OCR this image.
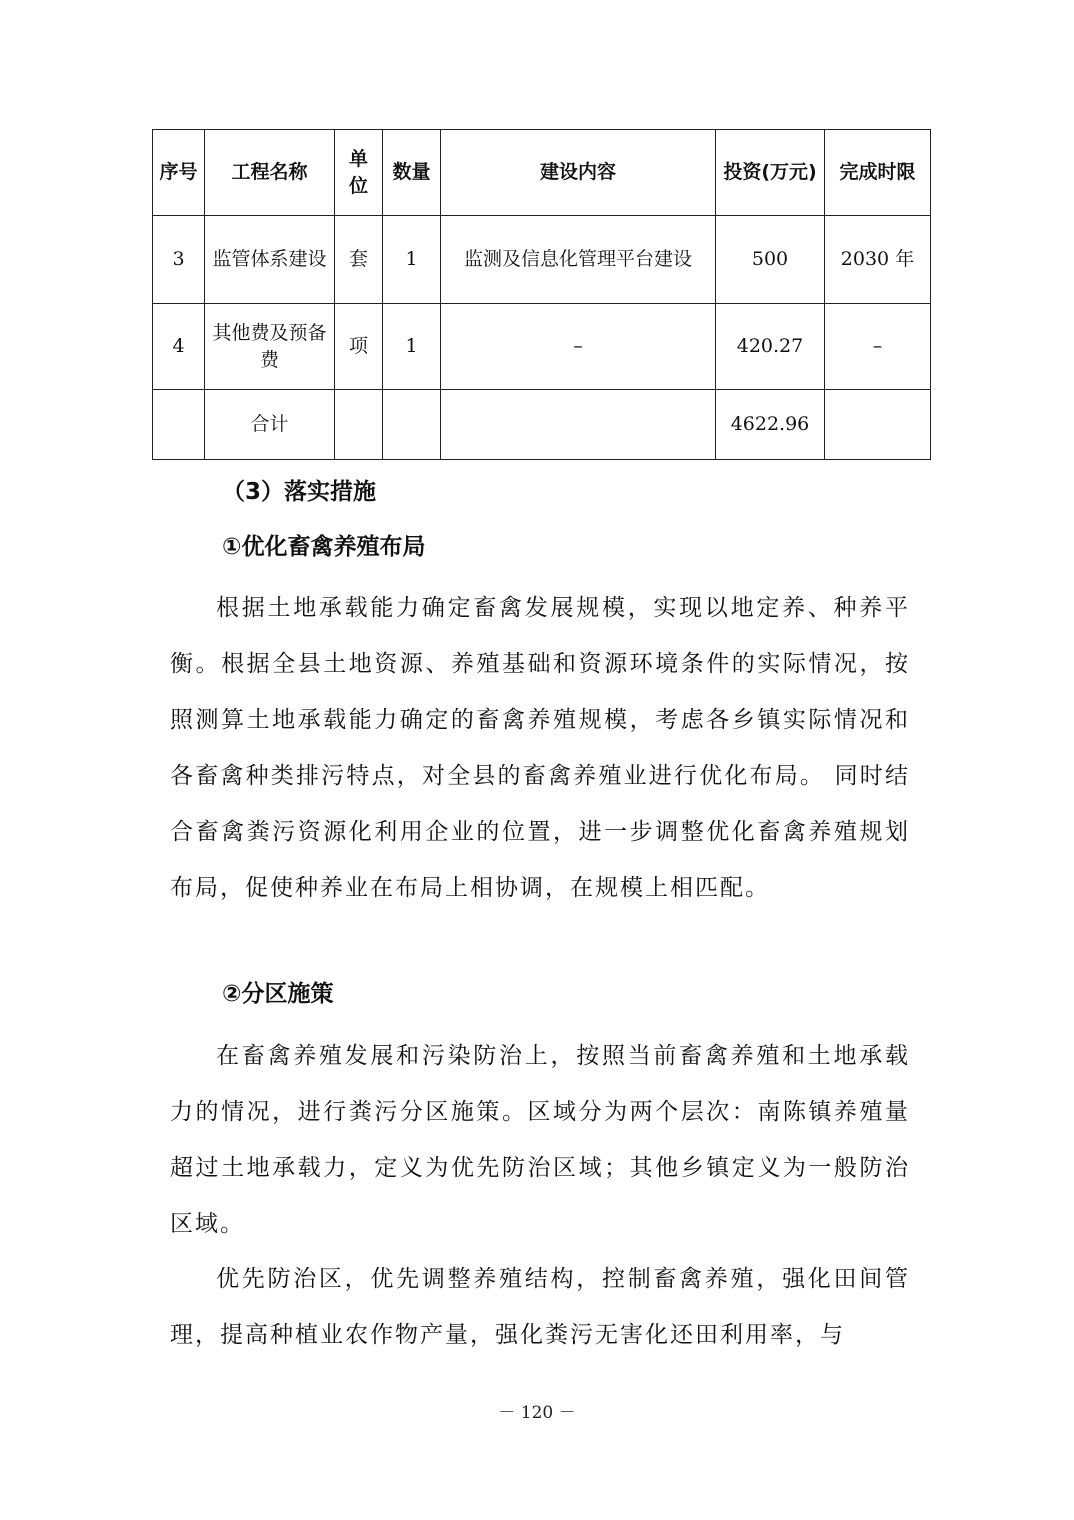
序号	工程名称	单位	数量	建设内容	投资(万元)	完成时限
3	监管体系建设	套	1	监测及信息化管理平台建设	500	2030 年
4	其他费及预备费	项	1	–	420.27	–
	合计				4622.96	
（3）落实措施
①优化畜禽养殖布局
根据土地承载能力确定畜禽发展规模，实现以地定养、种养平衡。根据全县土地资源、养殖基础和资源环境条件的实际情况，按照测算土地承载能力确定的畜禽养殖规模，考虑各乡镇实际情况和各畜禽种类排污特点，对全县的畜禽养殖业进行优化布局。 同时结合畜禽粪污资源化利用企业的位置，进一步调整优化畜禽养殖规划布局，促使种养业在布局上相协调，在规模上相匹配。
②分区施策
在畜禽养殖发展和污染防治上，按照当前畜禽养殖和土地承载力的情况，进行粪污分区施策。区域分为两个层次：南陈镇养殖量超过土地承载力，定义为优先防治区域；其他乡镇定义为一般防治区域。
优先防治区，优先调整养殖结构，控制畜禽养殖，强化田间管理，提高种植业农作物产量，强化粪污无害化还田利用率，与
－ 120 －
